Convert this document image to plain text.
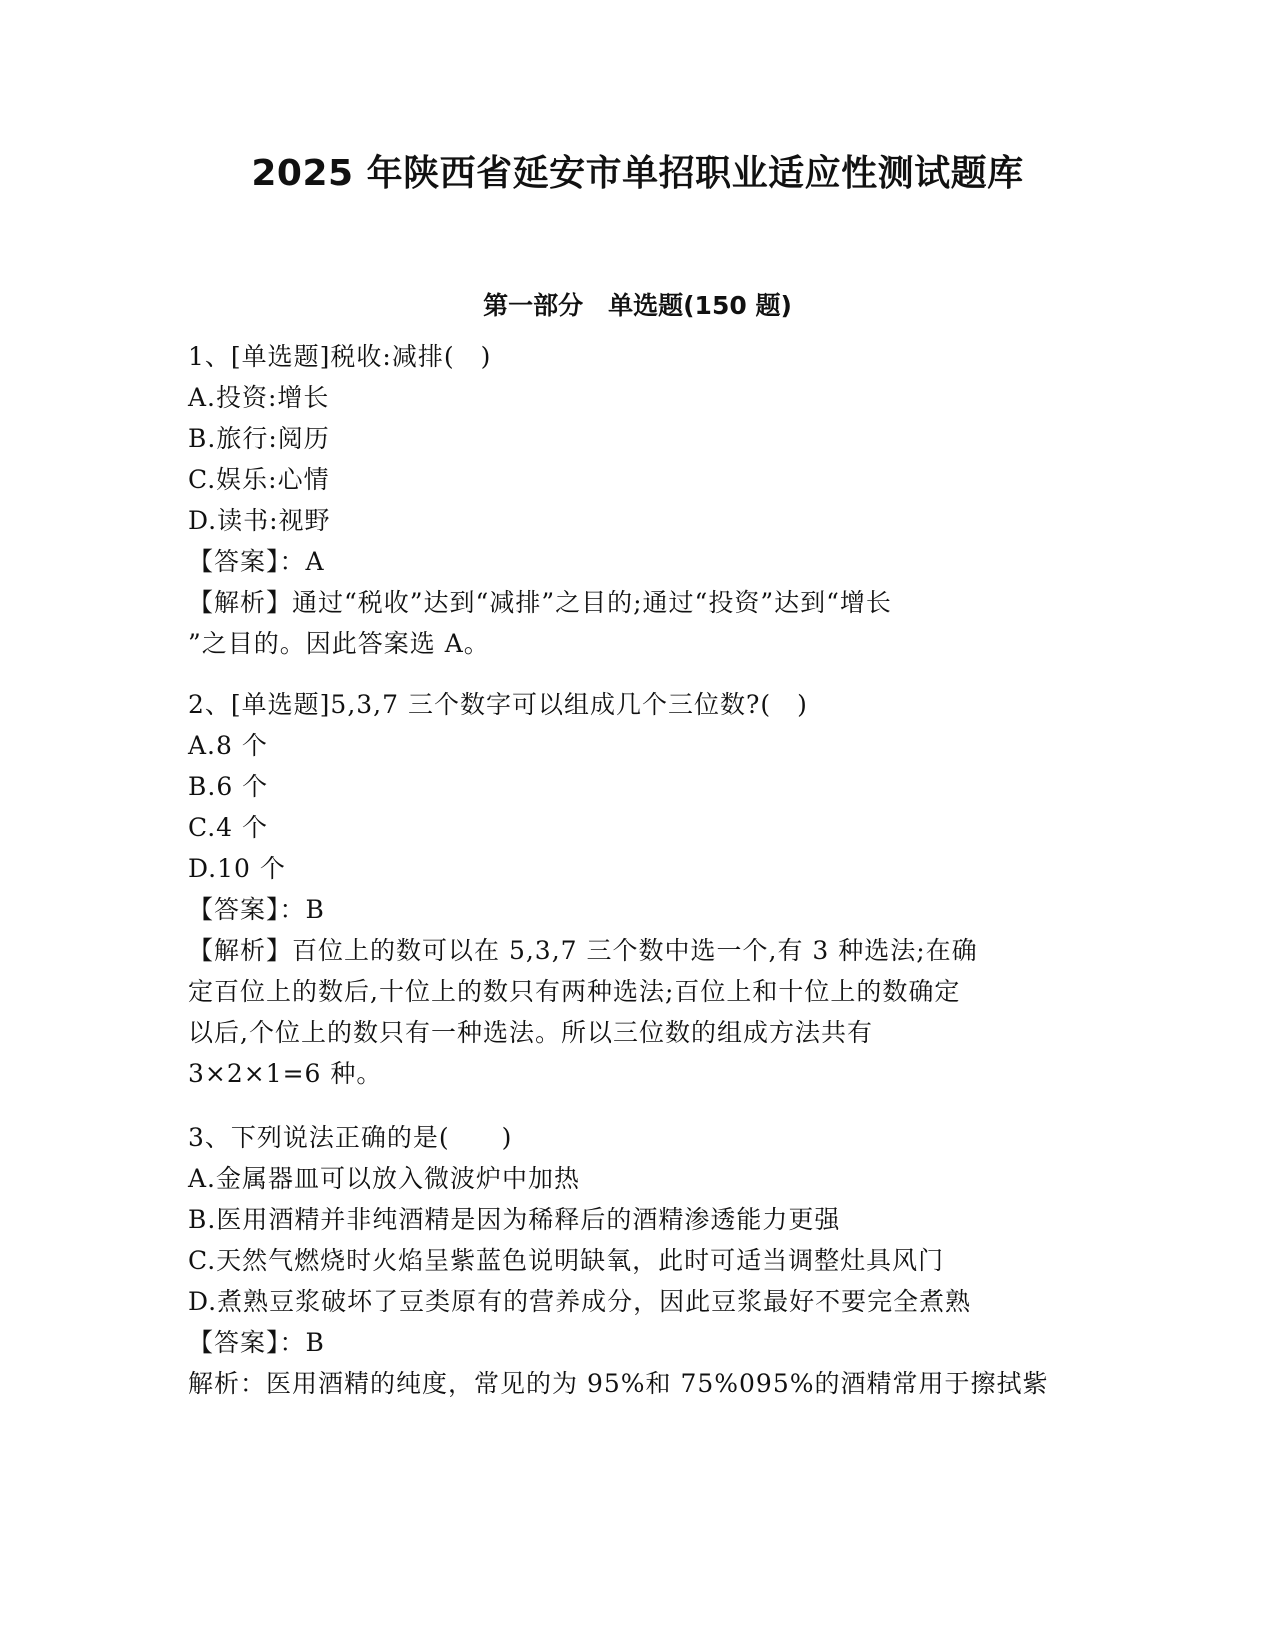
2025 年陕西省延安市单招职业适应性测试题库
第一部分　单选题(150 题)
1、[单选题]税收:减排(　)
A.投资:增长
B.旅行:阅历
C.娱乐:心情
D.读书:视野
【答案】：A
【解析】通过“税收”达到“减排”之目的;通过“投资”达到“增长
”之目的。因此答案选 A。
2、[单选题]5,3,7 三个数字可以组成几个三位数?(　)
A.8 个
B.6 个
C.4 个
D.10 个
【答案】：B
【解析】百位上的数可以在 5,3,7 三个数中选一个,有 3 种选法;在确
定百位上的数后,十位上的数只有两种选法;百位上和十位上的数确定
以后,个位上的数只有一种选法。所以三位数的组成方法共有
3×2×1=6 种。
3、下列说法正确的是(　　)
A.金属器皿可以放入微波炉中加热
B.医用酒精并非纯酒精是因为稀释后的酒精渗透能力更强
C.天然气燃烧时火焰呈紫蓝色说明缺氧，此时可适当调整灶具风门
D.煮熟豆浆破坏了豆类原有的营养成分，因此豆浆最好不要完全煮熟
【答案】：B
解析：医用酒精的纯度，常见的为 95%和 75%095%的酒精常用于擦拭紫
